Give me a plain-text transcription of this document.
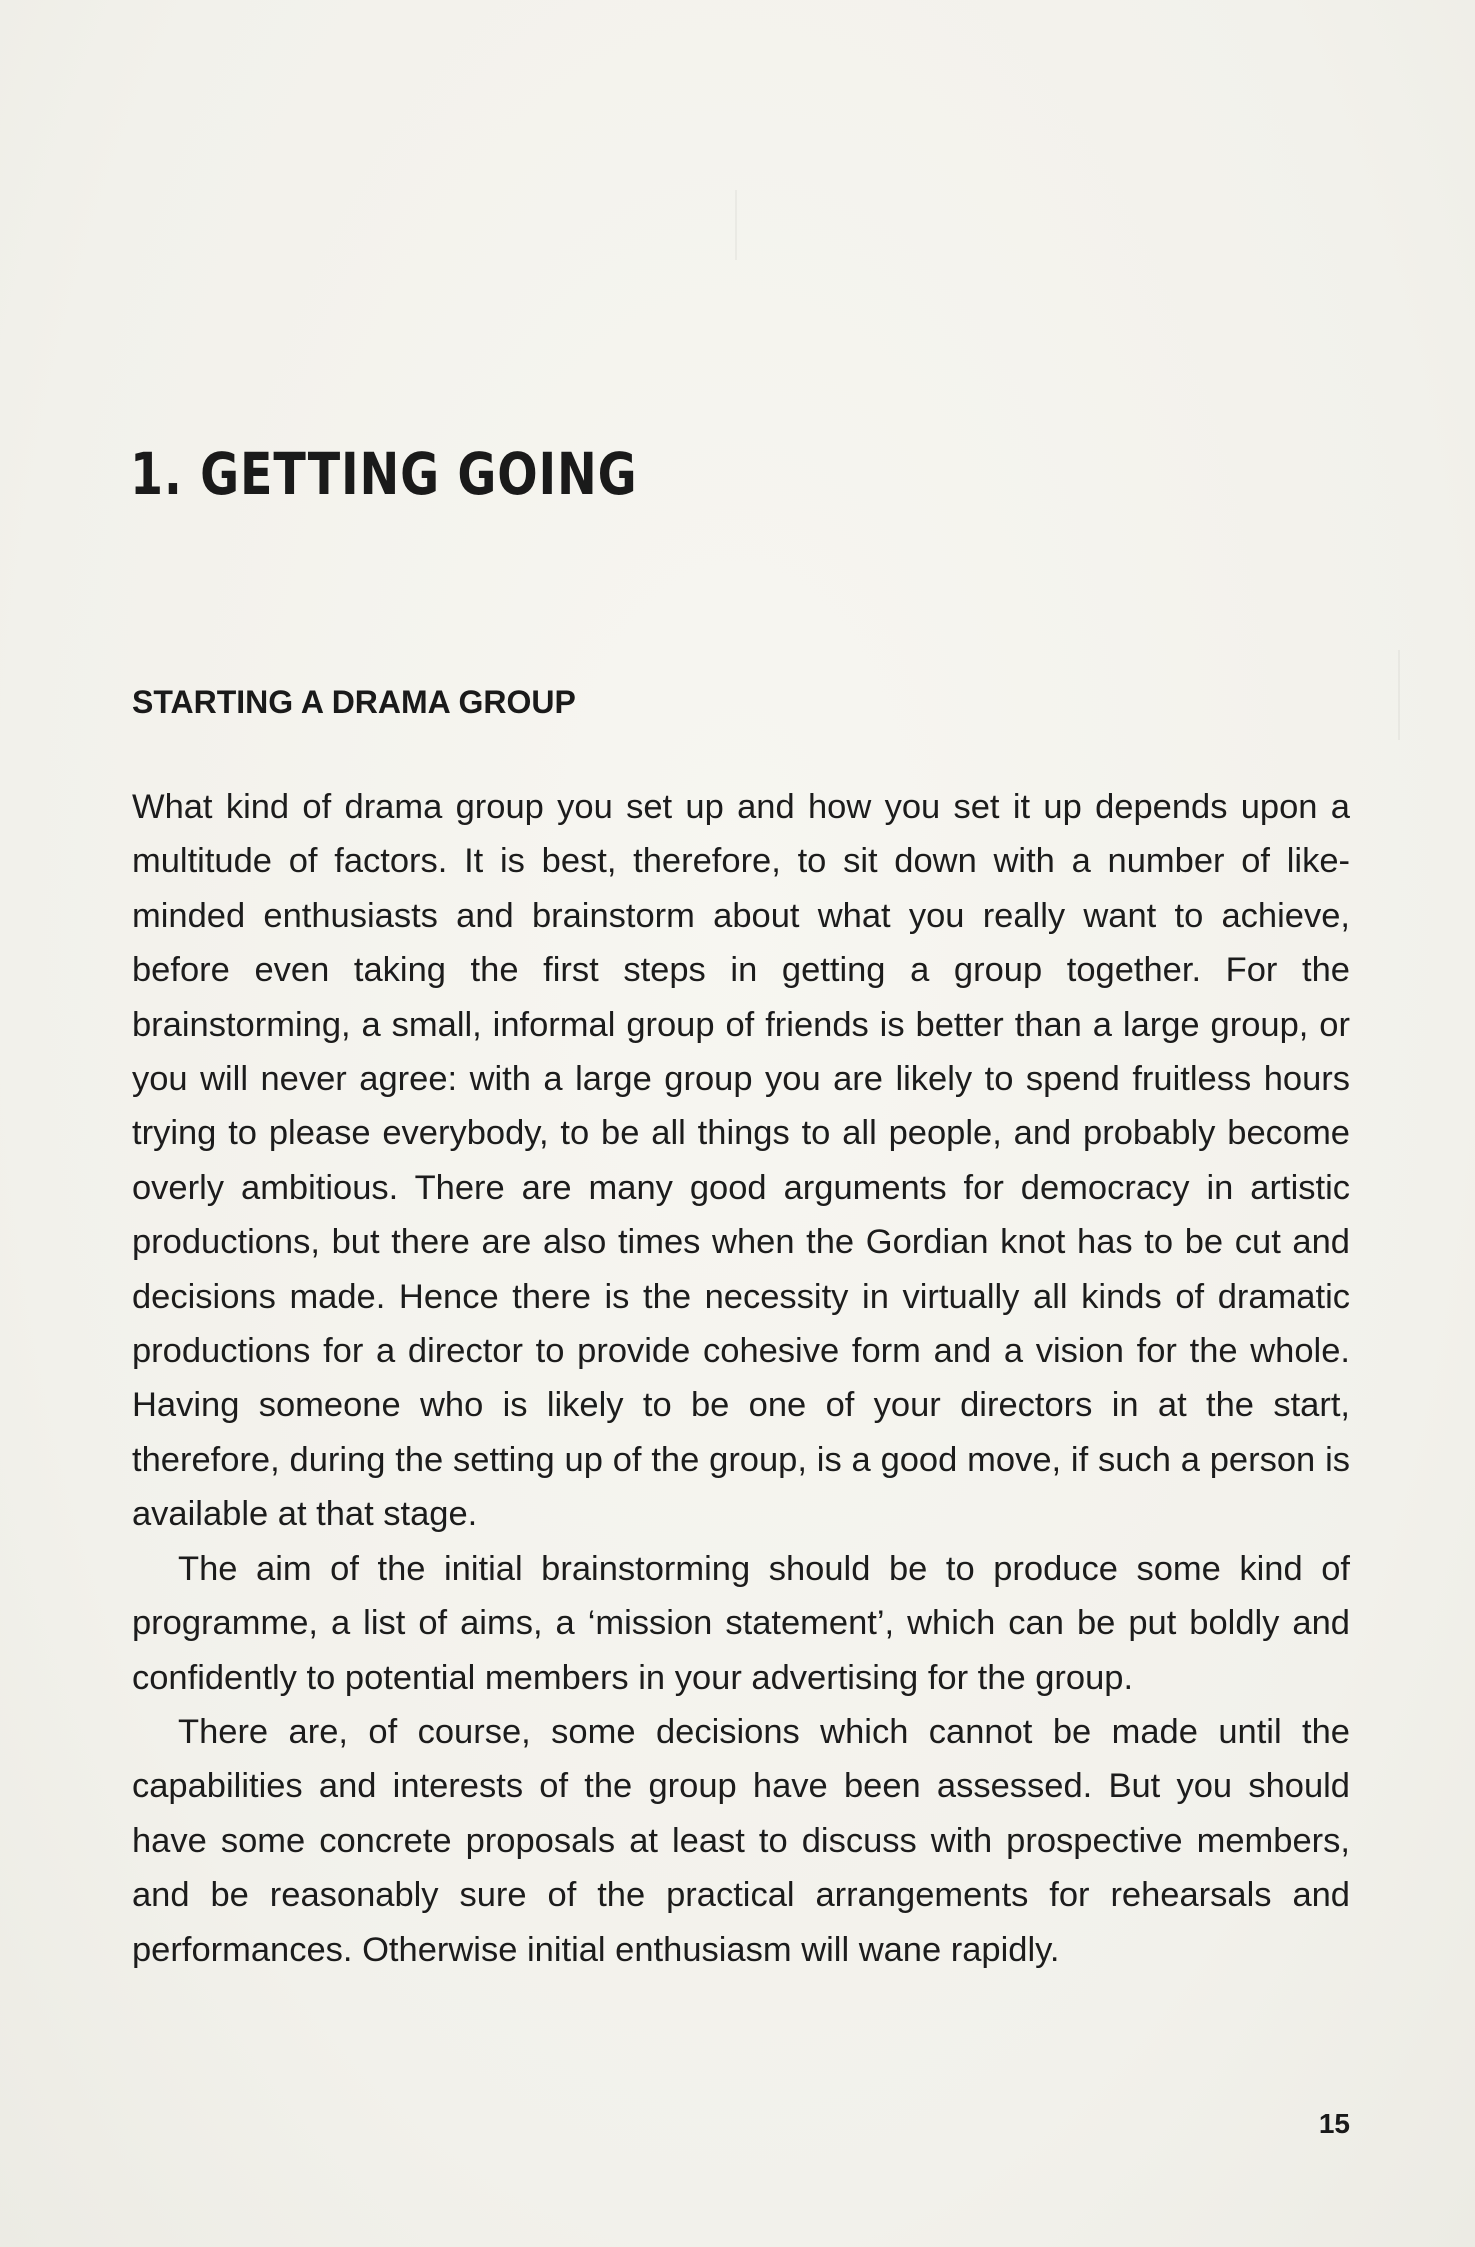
1. GETTING GOING
STARTING A DRAMA GROUP

What kind of drama group you set up and how you set it up depends upon a multitude of factors. It is best, therefore, to sit down with a number of like-minded enthusiasts and brainstorm about what you really want to achieve, before even taking the first steps in getting a group together. For the brainstorming, a small, informal group of friends is better than a large group, or you will never agree: with a large group you are likely to spend fruitless hours trying to please everybody, to be all things to all people, and probably become overly ambitious. There are many good arguments for democracy in artistic productions, but there are also times when the Gordian knot has to be cut and decisions made. Hence there is the necessity in virtually all kinds of dramatic productions for a director to provide cohesive form and a vision for the whole. Having someone who is likely to be one of your directors in at the start, therefore, during the setting up of the group, is a good move, if such a person is available at that stage.

The aim of the initial brainstorming should be to produce some kind of programme, a list of aims, a ‘mission statement’, which can be put boldly and confidently to potential members in your advertising for the group.

There are, of course, some decisions which cannot be made until the capabilities and interests of the group have been assessed. But you should have some concrete proposals at least to discuss with prospective members, and be reasonably sure of the practical arrangements for rehearsals and performances. Otherwise initial enthusiasm will wane rapidly.

15
